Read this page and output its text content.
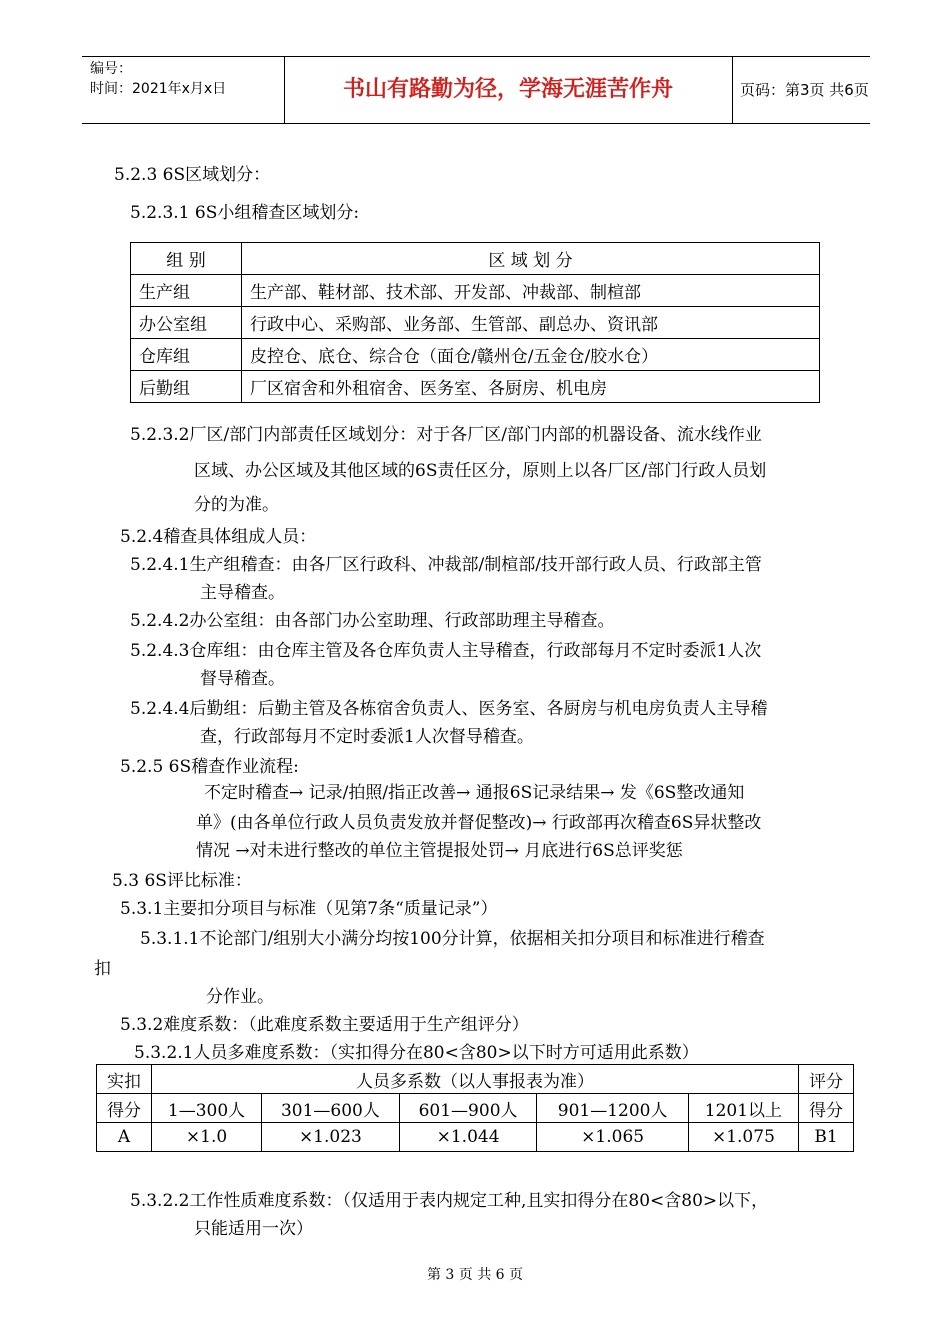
编号：
时间：2021年x月x日	书山有路勤为径，学海无涯苦作舟	页码：第3页 共6页
5.2.3 6S区域划分：
5.2.3.1 6S小组稽查区域划分:
组 别	区 域 划 分
生产组	生产部、鞋材部、技术部、开发部、冲裁部、制楦部
办公室组	行政中心、采购部、业务部、生管部、副总办、资讯部
仓库组	皮控仓、底仓、综合仓（面仓/赣州仓/五金仓/胶水仓）
后勤组	厂区宿舍和外租宿舍、医务室、各厨房、机电房
5.2.3.2厂区/部门内部责任区域划分：对于各厂区/部门内部的机器设备、流水线作业
区域、办公区域及其他区域的6S责任区分，原则上以各厂区/部门行政人员划
分的为准。
5.2.4稽查具体组成人员：
5.2.4.1生产组稽查：由各厂区行政科、冲裁部/制楦部/技开部行政人员、行政部主管
主导稽查。
5.2.4.2办公室组：由各部门办公室助理、行政部助理主导稽查。
5.2.4.3仓库组：由仓库主管及各仓库负责人主导稽查，行政部每月不定时委派1人次
督导稽查。
5.2.4.4后勤组：后勤主管及各栋宿舍负责人、医务室、各厨房与机电房负责人主导稽
查，行政部每月不定时委派1人次督导稽查。
5.2.5 6S稽查作业流程:
不定时稽查→ 记录/拍照/指正改善→ 通报6S记录结果→ 发《6S整改通知
单》(由各单位行政人员负责发放并督促整改)→ 行政部再次稽查6S异状整改
情况 →对未进行整改的单位主管提报处罚→ 月底进行6S总评奖惩
5.3 6S评比标准：
5.3.1主要扣分项目与标准（见第7条“质量记录”）
5.3.1.1不论部门/组别大小满分均按100分计算，依据相关扣分项目和标准进行稽查
扣
分作业。
5.3.2难度系数：（此难度系数主要适用于生产组评分）
5.3.2.1人员多难度系数：（实扣得分在80<含80>以下时方可适用此系数）
实扣	人员多系数（以人事报表为准）					评分
得分	1—300人	301—600人	601—900人	901—1200人	1201以上	得分
A	×1.0	×1.023	×1.044	×1.065	×1.075	B1
5.3.2.2工作性质难度系数：（仅适用于表内规定工种,且实扣得分在80<含80>以下，
只能适用一次）
第 3 页 共 6 页
